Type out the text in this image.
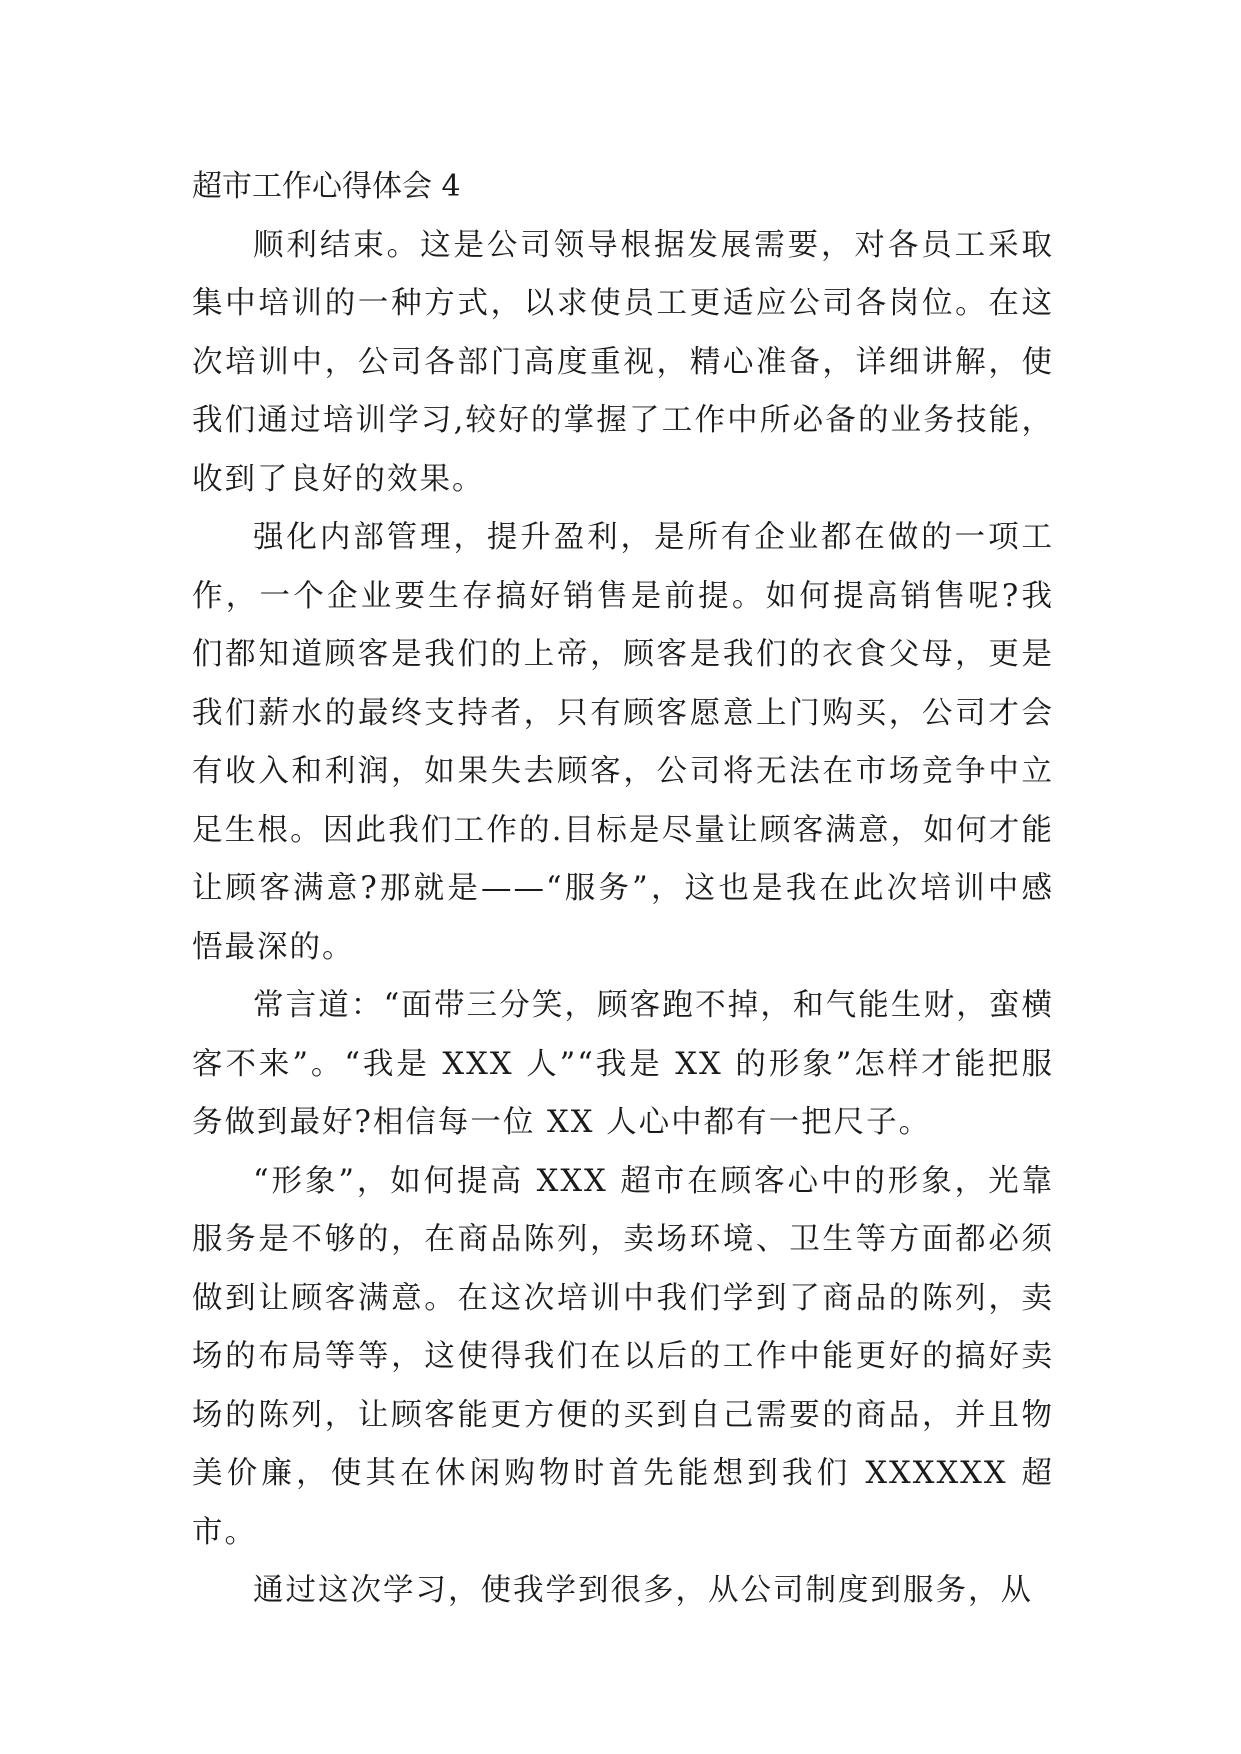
超市工作心得体会 4

顺利结束。这是公司领导根据发展需要，对各员工采取集中培训的一种方式，以求使员工更适应公司各岗位。在这次培训中，公司各部门高度重视，精心准备，详细讲解，使我们通过培训学习,较好的掌握了工作中所必备的业务技能，收到了良好的效果。

强化内部管理，提升盈利，是所有企业都在做的一项工作，一个企业要生存搞好销售是前提。如何提高销售呢?我们都知道顾客是我们的上帝，顾客是我们的衣食父母，更是我们薪水的最终支持者，只有顾客愿意上门购买，公司才会有收入和利润，如果失去顾客，公司将无法在市场竞争中立足生根。因此我们工作的.目标是尽量让顾客满意，如何才能让顾客满意?那就是——“服务”，这也是我在此次培训中感悟最深的。

常言道：“面带三分笑，顾客跑不掉，和气能生财，蛮横客不来”。“我是 XXX 人”“我是 XX 的形象”怎样才能把服务做到最好?相信每一位 XX 人心中都有一把尺子。

“形象”，如何提高 XXX 超市在顾客心中的形象，光靠服务是不够的，在商品陈列，卖场环境、卫生等方面都必须做到让顾客满意。在这次培训中我们学到了商品的陈列，卖场的布局等等，这使得我们在以后的工作中能更好的搞好卖场的陈列，让顾客能更方便的买到自己需要的商品，并且物美价廉，使其在休闲购物时首先能想到我们 XXXXXX 超市。

通过这次学习，使我学到很多，从公司制度到服务，从
